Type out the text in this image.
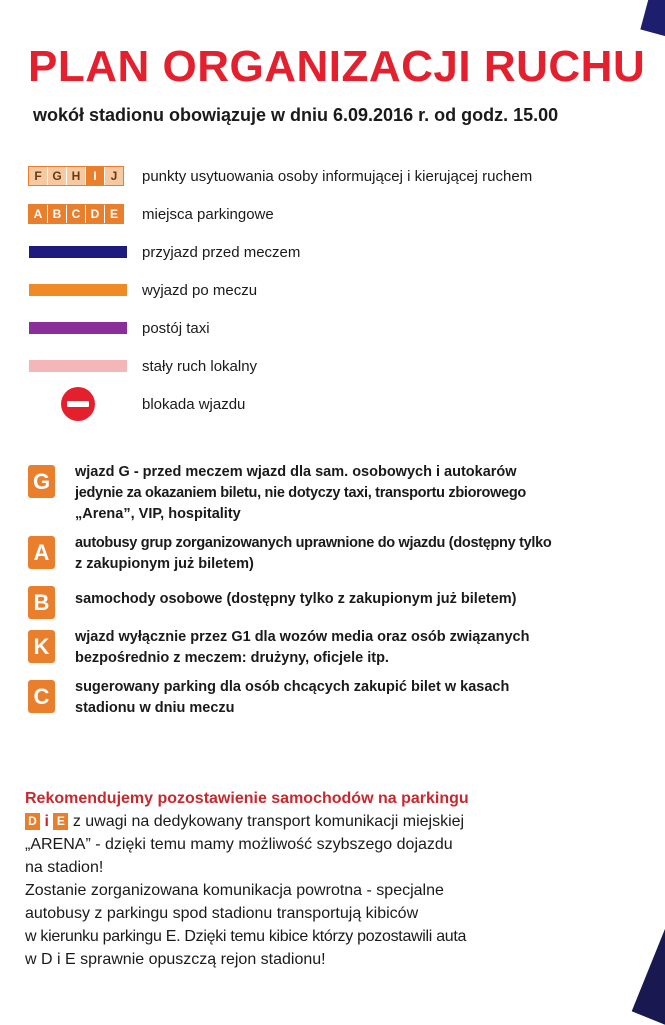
PLAN ORGANIZACJI RUCHU

wokół stadionu obowiązuje w dniu 6.09.2016 r. od godz. 15.00

F G H	I	J	punkty usytuowania osoby informującej i kierującej ruchem
A B C D E	miejsca parkingowe
przyjazd przed meczem
wyjazd po meczu
postój taxi
stały ruch lokalny
blokada wjazdu
G	wjazd G - przed meczem wjazd dla sam. osobowych i autokarów
jedynie za okazaniem biletu, nie dotyczy taxi, transportu zbiorowego
„Arena”, VIP, hospitality
A	autobusy grup zorganizowanych uprawnione do wjazdu (dostępny tylko
z zakupionym już biletem)
B	samochody osobowe (dostępny tylko z zakupionym już biletem)
K	wjazd wyłącznie przez G1 dla wozów media oraz osób związanych
bezpośrednio z meczem: drużyny, oficjele itp.
C	sugerowany parking dla osób chcących zakupić bilet w kasach
stadionu w dniu meczu
Rekomendujemy pozostawienie samochodów na parkingu
D i E z uwagi na dedykowany transport komunikacji miejskiej
„ARENA” - dzięki temu mamy możliwość szybszego dojazdu
na stadion!
Zostanie zorganizowana komunikacja powrotna - specjalne
autobusy z parkingu spod stadionu transportują kibiców
w kierunku parkingu E. Dzięki temu kibice którzy pozostawili auta
w D i E sprawnie opuszczą rejon stadionu!
